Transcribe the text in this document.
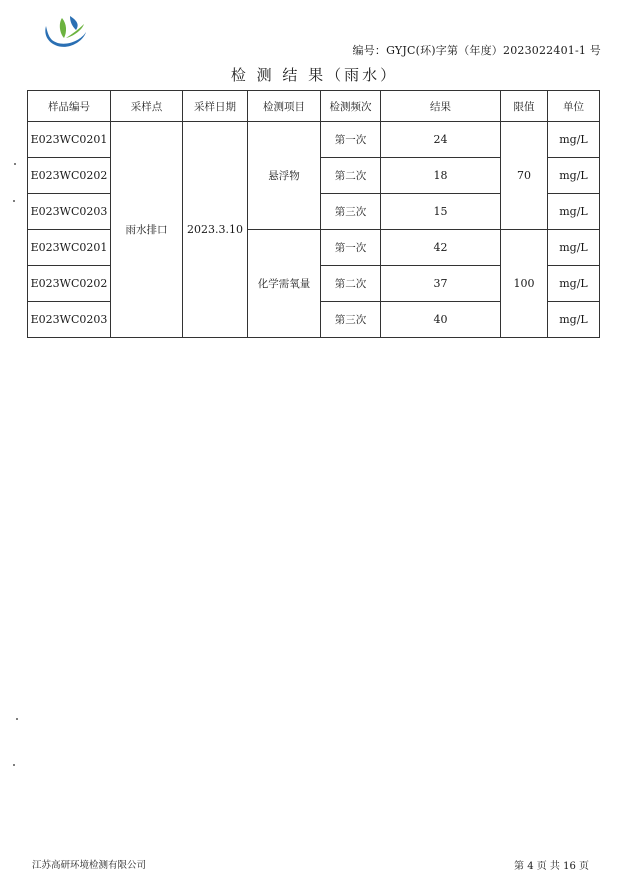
编号：GYJC(环)字第（年度）2023022401-1 号
检 测 结 果（雨水）
样品编号	采样点	采样日期	检测项目	检测频次	结果	限值	单位
E023WC0201	雨水排口	2023.3.10	悬浮物	第一次	24	70	mg/L
E023WC0202				第二次	18		mg/L
E023WC0203				第三次	15		mg/L
E023WC0201			化学需氧量	第一次	42	100	mg/L
E023WC0202				第二次	37		mg/L
E023WC0203				第三次	40		mg/L
江苏高研环境检测有限公司	第 4 页 共 16 页
